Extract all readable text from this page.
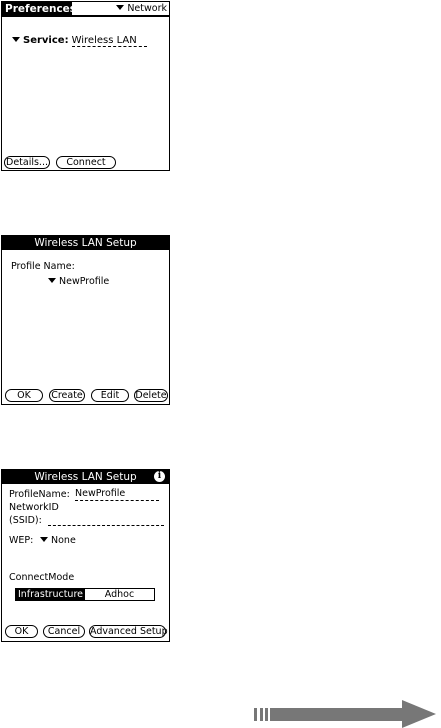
Preferences	Network
Service: Wireless LAN
Details...	Connect
Wireless LAN Setup
Profile Name:
NewProfile
OK	Create	Edit	Delete
Wireless LAN Setup	i
ProfileName: NewProfile
NetworkID
(SSID):
WEP:	None
ConnectMode
Infrastructure	Adhoc
OK	Cancel	Advanced Setup
